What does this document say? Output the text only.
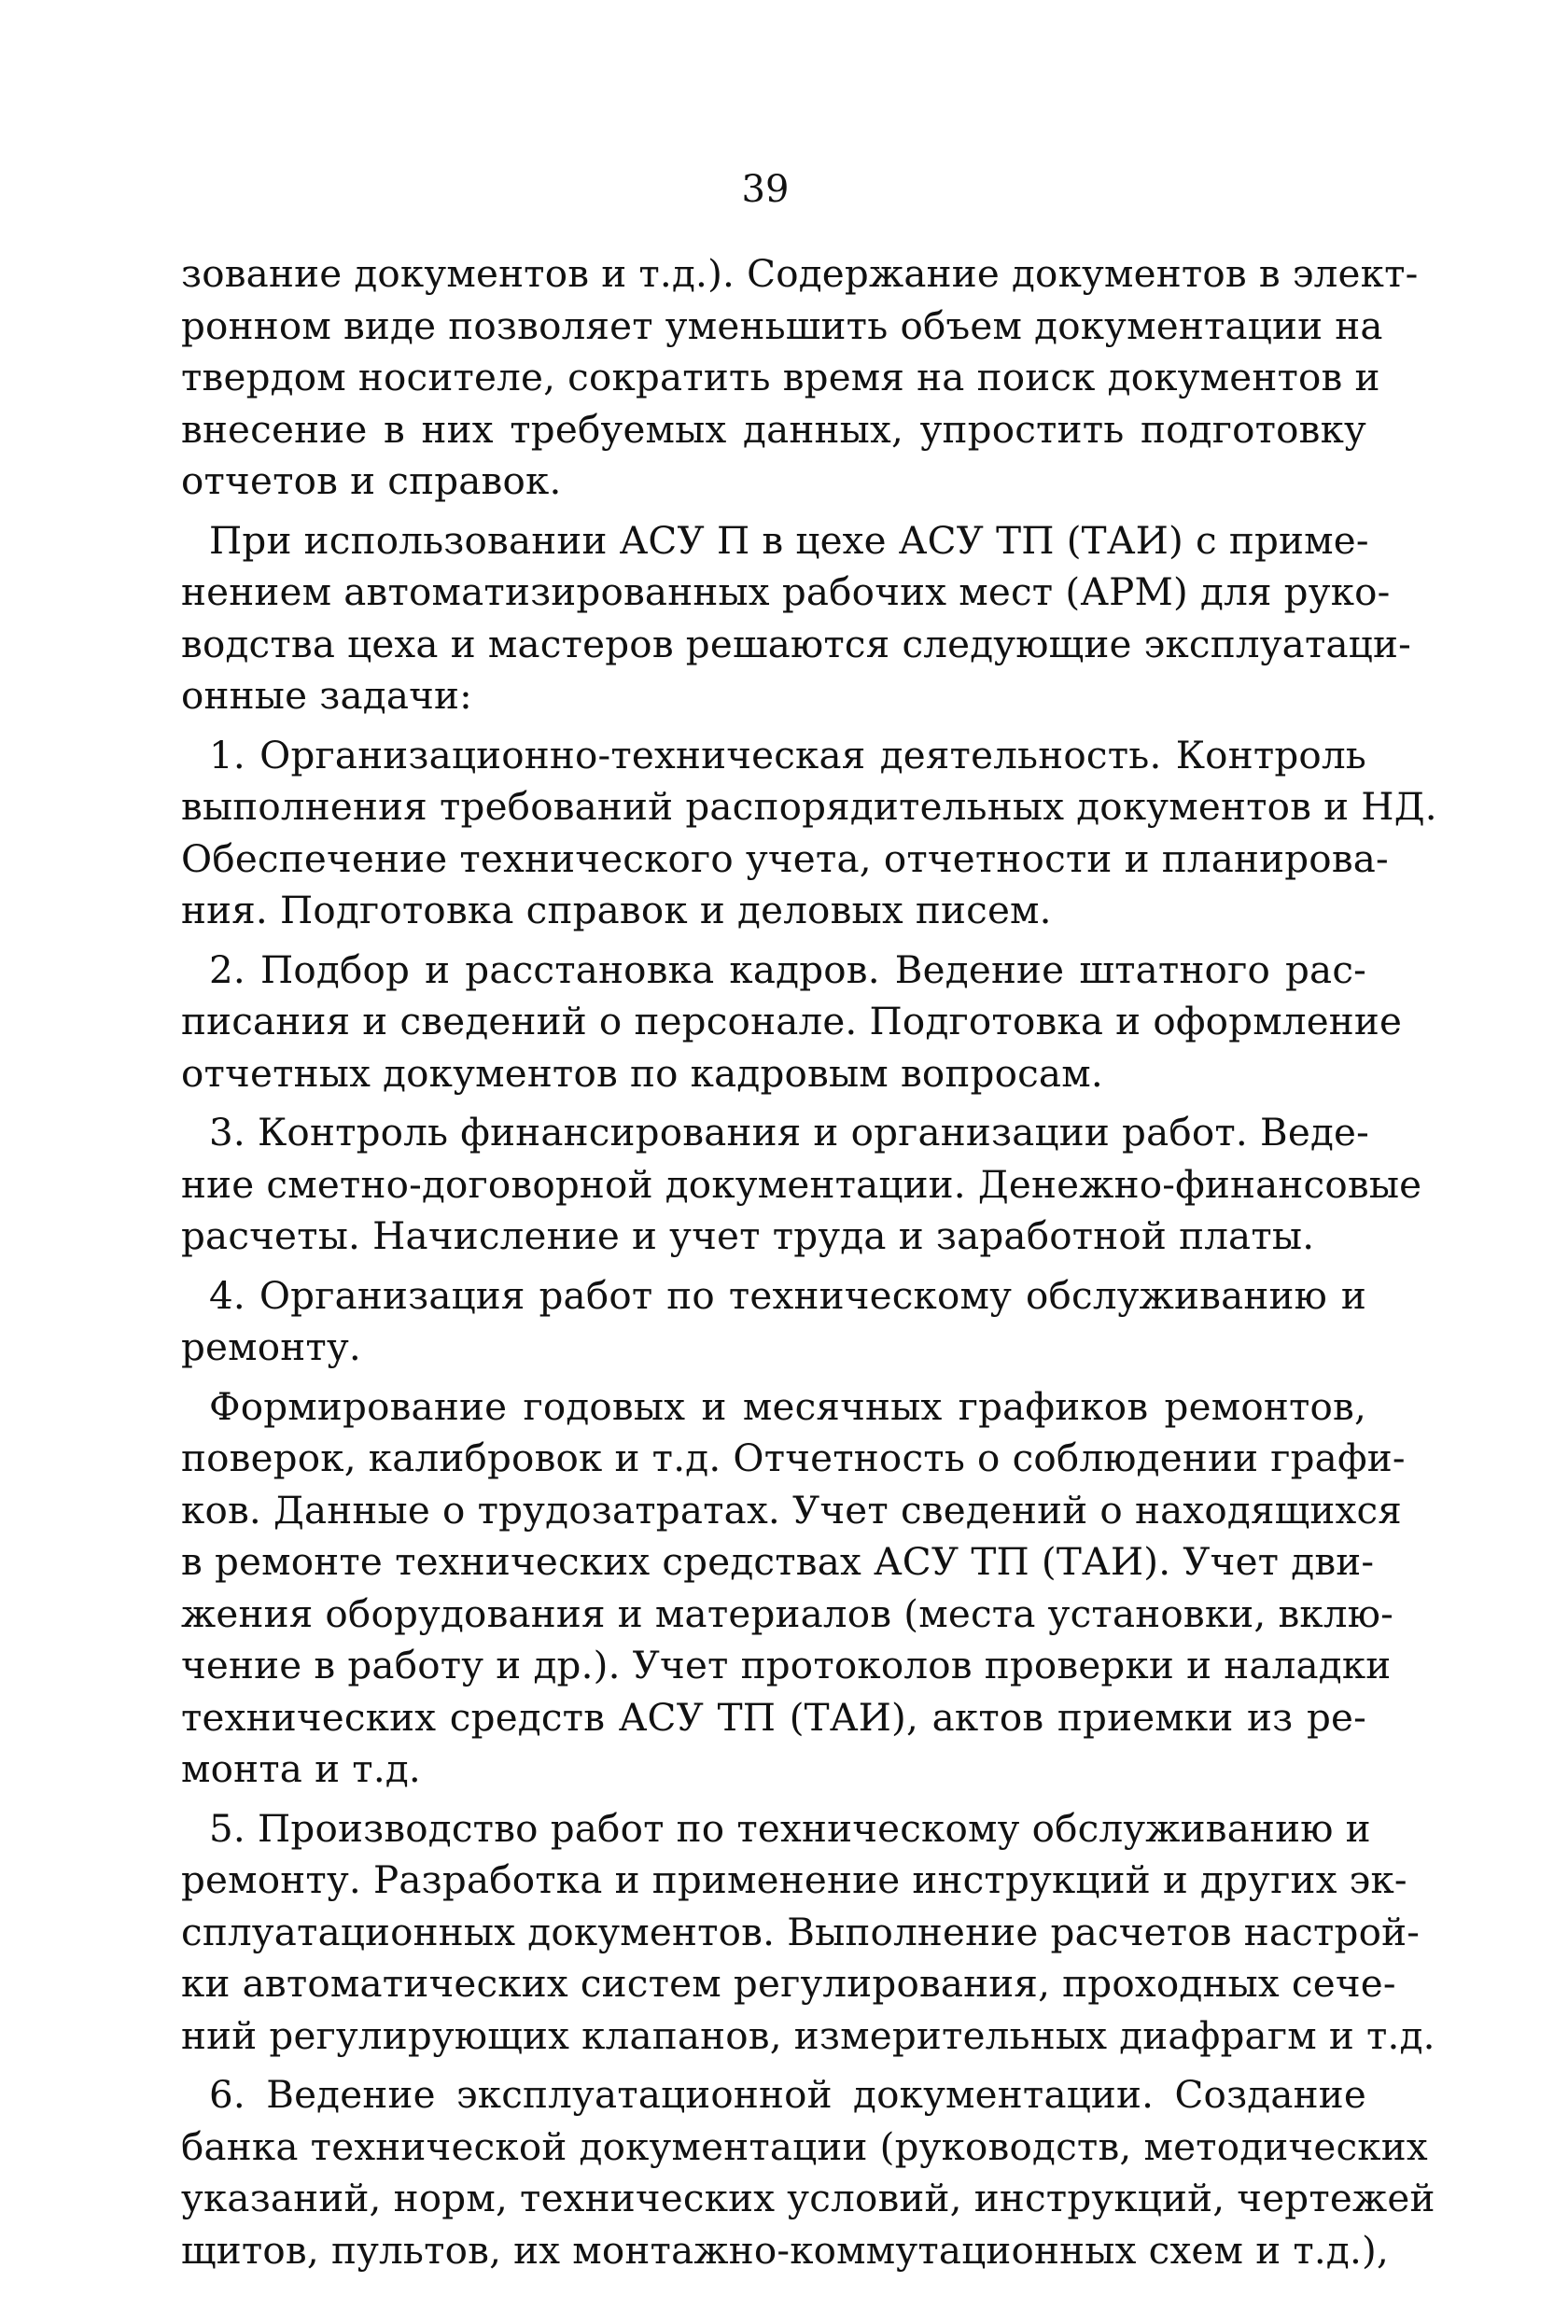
39
зование документов и т.д.). Содержание документов в элект-
ронном виде позволяет уменьшить объем документации на
твердом носителе, сократить время на поиск документов и
внесение в них требуемых данных, упростить подготовку
отчетов и справок.
При использовании АСУ П в цехе АСУ ТП (ТАИ) с приме-
нением автоматизированных рабочих мест (АРМ) для руко-
водства цеха и мастеров решаются следующие эксплуатаци-
онные задачи:
1. Организационно-техническая деятельность. Контроль
выполнения требований распорядительных документов и НД.
Обеспечение технического учета, отчетности и планирова-
ния. Подготовка справок и деловых писем.
2. Подбор и расстановка кадров. Ведение штатного рас-
писания и сведений о персонале. Подготовка и оформление
отчетных документов по кадровым вопросам.
3. Контроль финансирования и организации работ. Веде-
ние сметно-договорной документации. Денежно-финансовые
расчеты. Начисление и учет труда и заработной платы.
4. Организация работ по техническому обслуживанию и
ремонту.
Формирование годовых и месячных графиков ремонтов,
поверок, калибровок и т.д. Отчетность о соблюдении графи-
ков. Данные о трудозатратах. Учет сведений о находящихся
в ремонте технических средствах АСУ ТП (ТАИ). Учет дви-
жения оборудования и материалов (места установки, вклю-
чение в работу и др.). Учет протоколов проверки и наладки
технических средств АСУ ТП (ТАИ), актов приемки из ре-
монта и т.д.
5. Производство работ по техническому обслуживанию и
ремонту. Разработка и применение инструкций и других эк-
сплуатационных документов. Выполнение расчетов настрой-
ки автоматических систем регулирования, проходных сече-
ний регулирующих клапанов, измерительных диафрагм и т.д.
6. Ведение эксплуатационной документации. Создание
банка технической документации (руководств, методических
указаний, норм, технических условий, инструкций, чертежей
щитов, пультов, их монтажно-коммутационных схем и т.д.),
